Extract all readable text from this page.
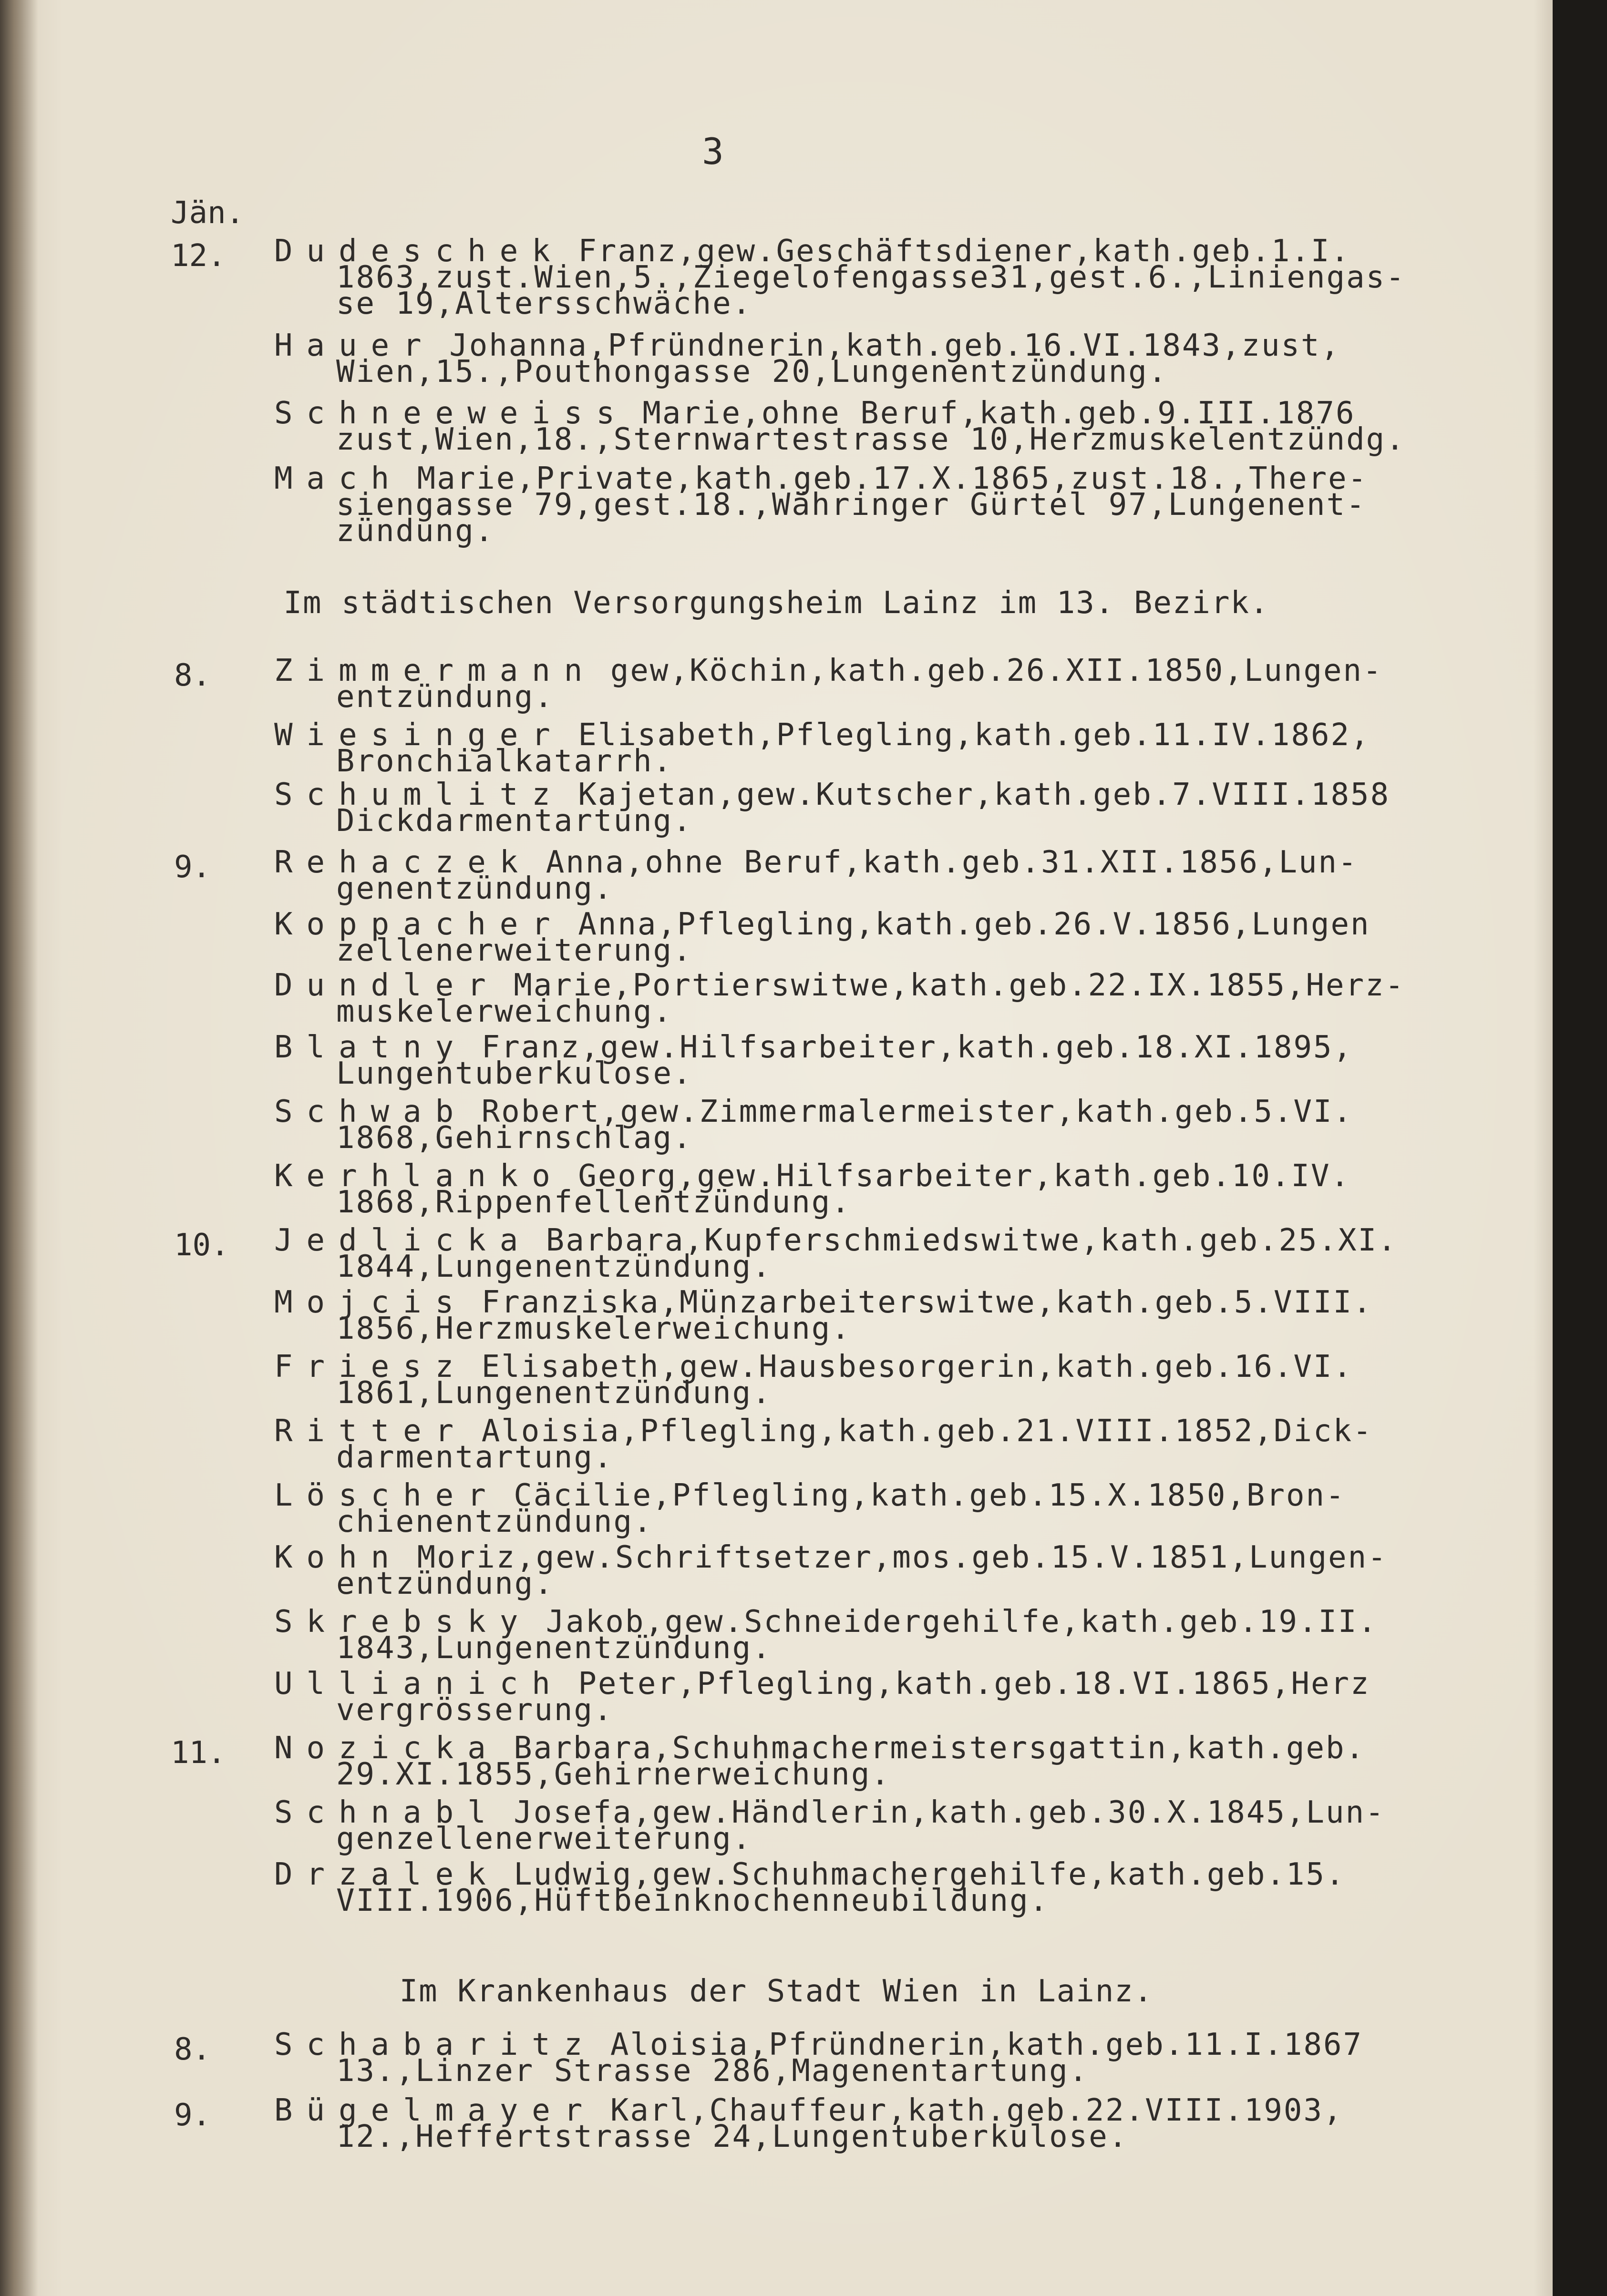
3
Jän.
12. Dudeschek Franz,gew.Geschäftsdiener,kath.geb.1.I.
1863,zust.Wien,5.,Ziegelofengasse31,gest.6.,Liniengas-
se 19,Altersschwäche.
Hauer Johanna,Pfründnerin,kath.geb.16.VI.1843,zust,
Wien,15.,Pouthongasse 20,Lungenentzündung.
Schneeweiss Marie,ohne Beruf,kath.geb.9.III.1876
zust,Wien,18.,Sternwartestrasse 10,Herzmuskelentzündg.
Mach Marie,Private,kath.geb.17.X.1865,zust.18.,There-
siengasse 79,gest.18.,Währinger Gürtel 97,Lungenent-
zündung.
Im städtischen Versorgungsheim Lainz im 13. Bezirk.
8. Zimmermann gew,Köchin,kath.geb.26.XII.1850,Lungen-
entzündung.
Wiesinger Elisabeth,Pflegling,kath.geb.11.IV.1862,
Bronchialkatarrh.
Schumlitz Kajetan,gew.Kutscher,kath.geb.7.VIII.1858
Dickdarmentartung.
9. Rehaczek Anna,ohne Beruf,kath.geb.31.XII.1856,Lun-
genentzündung.
Koppacher Anna,Pflegling,kath.geb.26.V.1856,Lungen
zellenerweiterung.
Dundler Marie,Portierswitwe,kath.geb.22.IX.1855,Herz-
muskelerweichung.
Blatny Franz,gew.Hilfsarbeiter,kath.geb.18.XI.1895,
Lungentuberkulose.
Schwab Robert,gew.Zimmermalermeister,kath.geb.5.VI.
1868,Gehirnschlag.
Kerhlanko Georg,gew.Hilfsarbeiter,kath.geb.10.IV.
1868,Rippenfellentzündung.
10. Jedlicka Barbara,Kupferschmiedswitwe,kath.geb.25.XI.
1844,Lungenentzündung.
Mojcis Franziska,Münzarbeiterswitwe,kath.geb.5.VIII.
1856,Herzmuskelerweichung.
Friesz Elisabeth,gew.Hausbesorgerin,kath.geb.16.VI.
1861,Lungenentzündung.
Ritter Aloisia,Pflegling,kath.geb.21.VIII.1852,Dick-
darmentartung.
Löscher Cäcilie,Pflegling,kath.geb.15.X.1850,Bron-
chienentzündung.
Kohn Moriz,gew.Schriftsetzer,mos.geb.15.V.1851,Lungen-
entzündung.
Skrebsky Jakob,gew.Schneidergehilfe,kath.geb.19.II.
1843,Lungenentzündung.
Ullianich Peter,Pflegling,kath.geb.18.VI.1865,Herz
vergrösserung.
11. Nozicka Barbara,Schuhmachermeistersgattin,kath.geb.
29.XI.1855,Gehirnerweichung.
Schnabl Josefa,gew.Händlerin,kath.geb.30.X.1845,Lun-
genzellenerweiterung.
Drzalek Ludwig,gew.Schuhmachergehilfe,kath.geb.15.
VIII.1906,Hüftbeinknochenneubildung.
Im Krankenhaus der Stadt Wien in Lainz.
8. Schabaritz Aloisia,Pfründnerin,kath.geb.11.I.1867
13.,Linzer Strasse 286,Magenentartung.
9. Bügelmayer Karl,Chauffeur,kath.geb.22.VIII.1903,
12.,Heffertstrasse 24,Lungentuberkulose.
